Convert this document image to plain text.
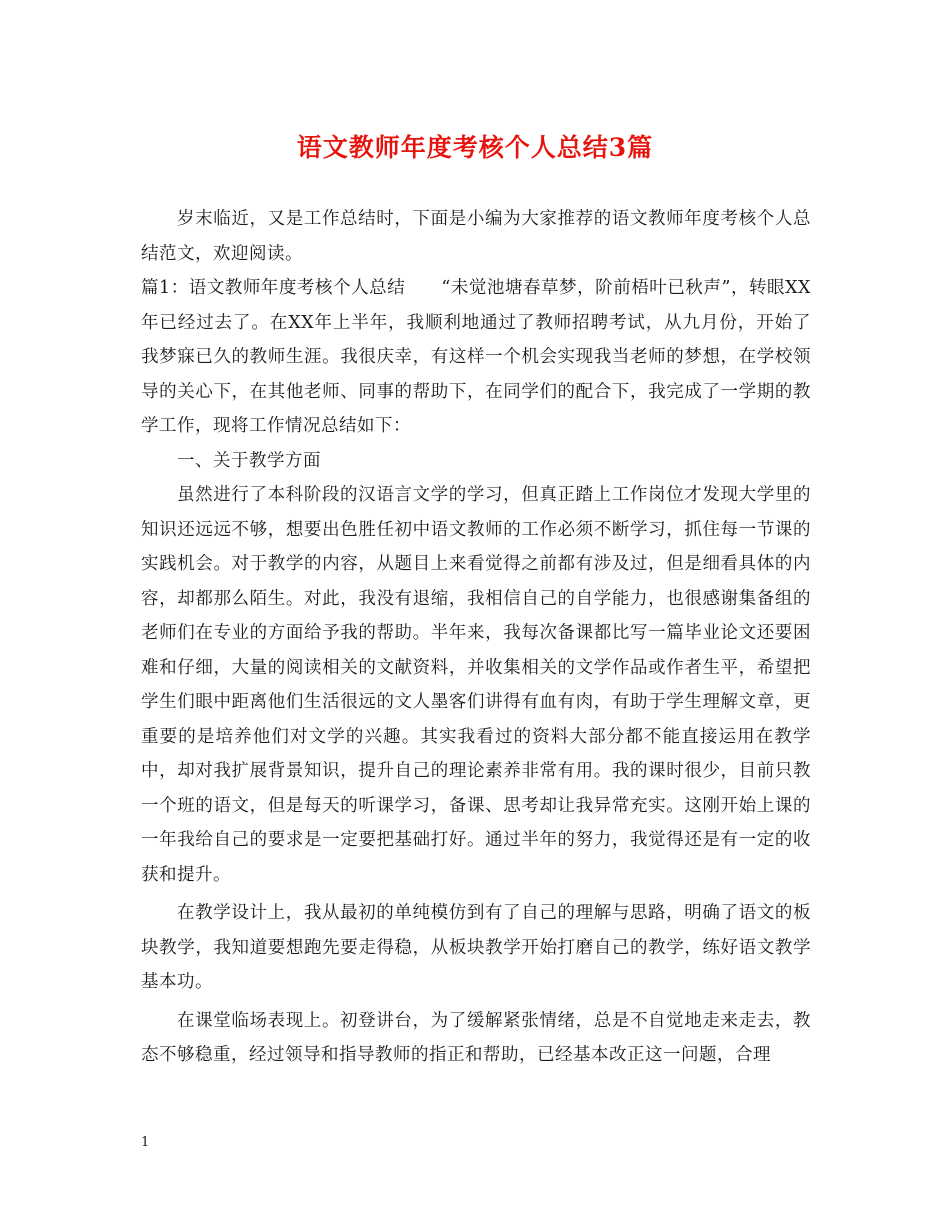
语文教师年度考核个人总结3篇

岁末临近，又是工作总结时，下面是小编为大家推荐的语文教师年度考核个人总结范文，欢迎阅读。

篇1：语文教师年度考核个人总结　　“未觉池塘春草梦，阶前梧叶已秋声”，转眼XX年已经过去了。在XX年上半年，我顺利地通过了教师招聘考试，从九月份，开始了我梦寐已久的教师生涯。我很庆幸，有这样一个机会实现我当老师的梦想，在学校领导的关心下，在其他老师、同事的帮助下，在同学们的配合下，我完成了一学期的教学工作，现将工作情况总结如下：

一、关于教学方面

虽然进行了本科阶段的汉语言文学的学习，但真正踏上工作岗位才发现大学里的知识还远远不够，想要出色胜任初中语文教师的工作必须不断学习，抓住每一节课的实践机会。对于教学的内容，从题目上来看觉得之前都有涉及过，但是细看具体的内容，却都那么陌生。对此，我没有退缩，我相信自己的自学能力，也很感谢集备组的老师们在专业的方面给予我的帮助。半年来，我每次备课都比写一篇毕业论文还要困难和仔细，大量的阅读相关的文献资料，并收集相关的文学作品或作者生平，希望把学生们眼中距离他们生活很远的文人墨客们讲得有血有肉，有助于学生理解文章，更重要的是培养他们对文学的兴趣。其实我看过的资料大部分都不能直接运用在教学中，却对我扩展背景知识，提升自己的理论素养非常有用。我的课时很少，目前只教一个班的语文，但是每天的听课学习，备课、思考却让我异常充实。这刚开始上课的一年我给自己的要求是一定要把基础打好。通过半年的努力，我觉得还是有一定的收获和提升。

在教学设计上，我从最初的单纯模仿到有了自己的理解与思路，明确了语文的板块教学，我知道要想跑先要走得稳，从板块教学开始打磨自己的教学，练好语文教学基本功。

在课堂临场表现上。初登讲台，为了缓解紧张情绪，总是不自觉地走来走去，教态不够稳重，经过领导和指导教师的指正和帮助，已经基本改正这一问题，合理

1
